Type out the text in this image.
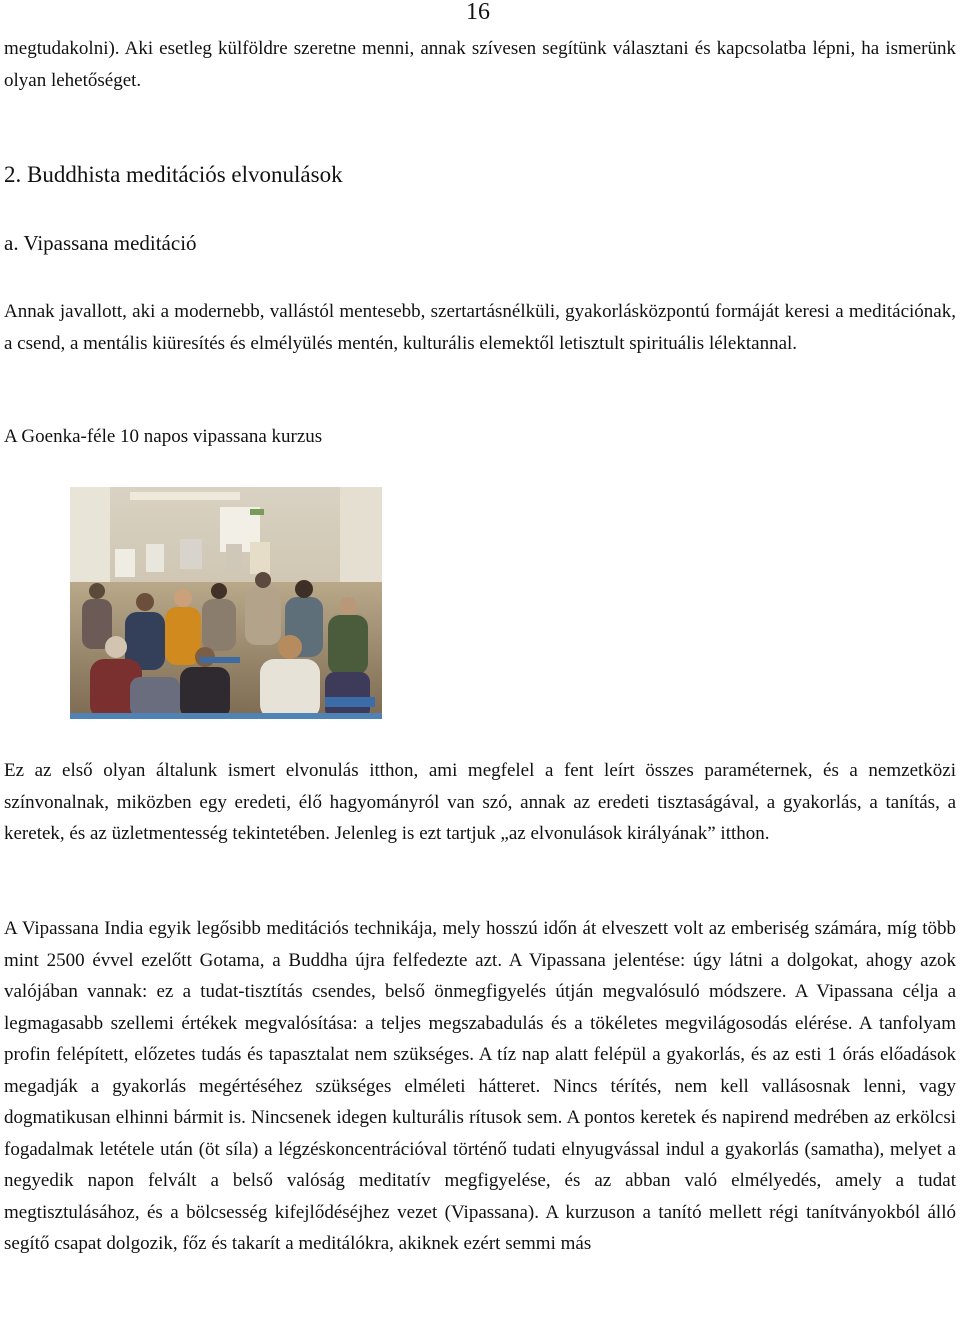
16

megtudakolni). Aki esetleg külföldre szeretne menni, annak szívesen segítünk választani és kapcsolatba lépni, ha ismerünk olyan lehetőséget.

2. Buddhista meditációs elvonulások
a. Vipassana meditáció

Annak javallott, aki a modernebb, vallástól mentesebb, szertartásnélküli, gyakorlásközpontú formáját keresi a meditációnak, a csend, a mentális kiüresítés és elmélyülés mentén, kulturális elemektől letisztult spirituális lélektannal.

A Goenka-féle 10 napos vipassana kurzus

Ez az első olyan általunk ismert elvonulás itthon, ami megfelel a fent leírt összes paraméternek, és a nemzetközi színvonalnak, miközben egy eredeti, élő hagyományról van szó, annak az eredeti tisztaságával, a gyakorlás, a tanítás, a keretek, és az üzletmentesség tekintetében. Jelenleg is ezt tartjuk „az elvonulások királyának” itthon.

A Vipassana India egyik legősibb meditációs technikája, mely hosszú időn át elveszett volt az emberiség számára, míg több mint 2500 évvel ezelőtt Gotama, a Buddha újra felfedezte azt. A Vipassana jelentése: úgy látni a dolgokat, ahogy azok valójában vannak: ez a tudat-tisztítás csendes, belső önmegfigyelés útján megvalósuló módszere. A Vipassana célja a legmagasabb szellemi értékek megvalósítása: a teljes megszabadulás és a tökéletes megvilágosodás elérése. A tanfolyam profin felépített, előzetes tudás és tapasztalat nem szükséges. A tíz nap alatt felépül a gyakorlás, és az esti 1 órás előadások megadják a gyakorlás megértéséhez szükséges elméleti hátteret. Nincs térítés, nem kell vallásosnak lenni, vagy dogmatikusan elhinni bármit is. Nincsenek idegen kulturális rítusok sem. A pontos keretek és napirend medrében az erkölcsi fogadalmak letétele után (öt síla) a légzéskoncentrációval történő tudati elnyugvással indul a gyakorlás (samatha), melyet a negyedik napon felvált a belső valóság meditatív megfigyelése, és az abban való elmélyedés, amely a tudat megtisztulásához, és a bölcsesség kifejlődéséjhez vezet (Vipassana). A kurzuson a tanító mellett régi tanítványokból álló segítő csapat dolgozik, főz és takarít a meditálókra, akiknek ezért semmi más
